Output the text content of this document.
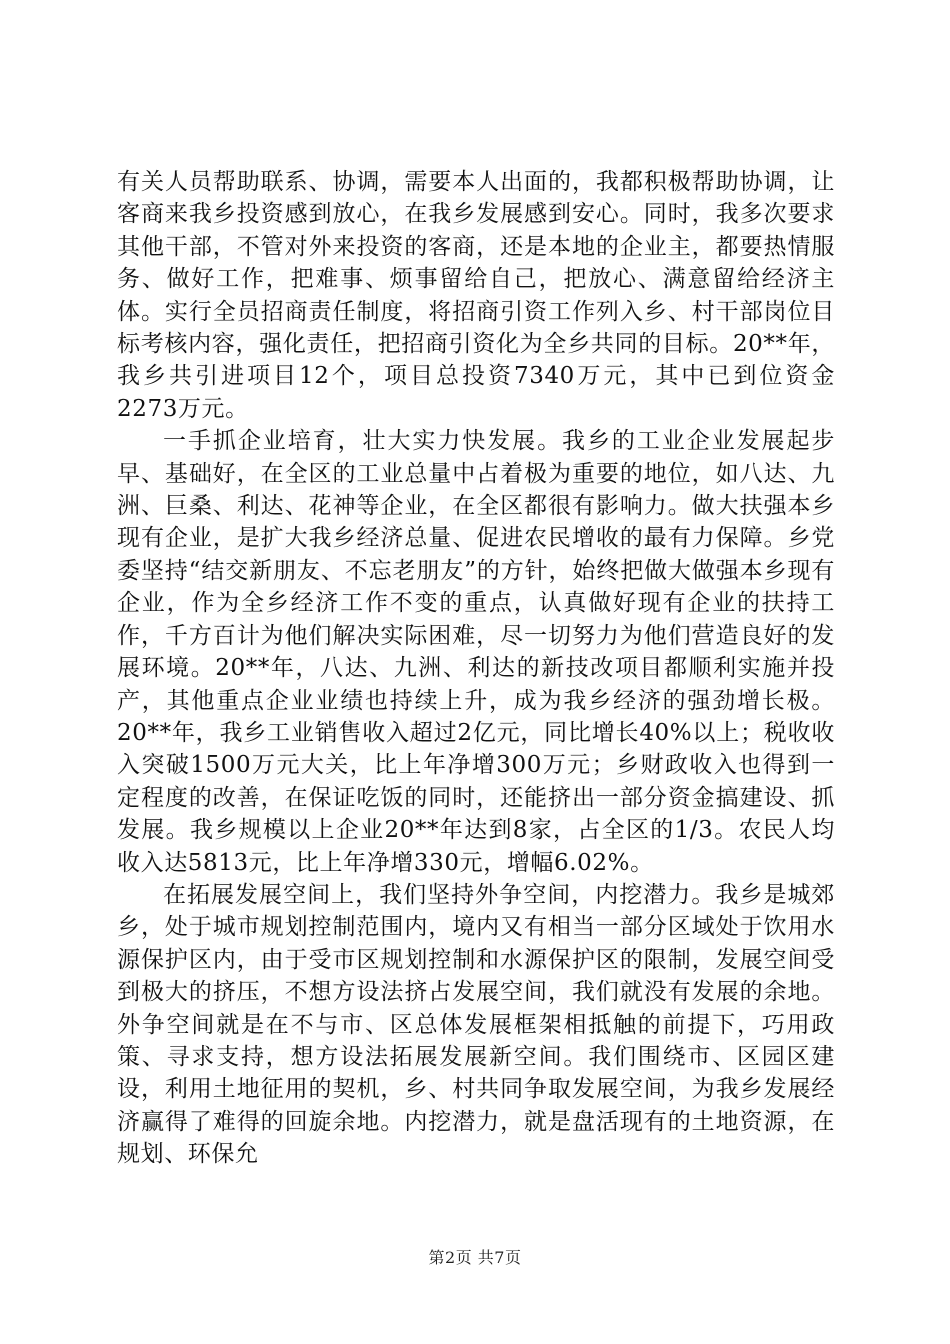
有关人员帮助联系、协调，需要本人出面的，我都积极帮助协调，让客商来我乡投资感到放心，在我乡发展感到安心。同时，我多次要求其他干部，不管对外来投资的客商，还是本地的企业主，都要热情服务、做好工作，把难事、烦事留给自己，把放心、满意留给经济主体。实行全员招商责任制度，将招商引资工作列入乡、村干部岗位目标考核内容，强化责任，把招商引资化为全乡共同的目标。20**年，我乡共引进项目12个，项目总投资7340万元，其中已到位资金2273万元。

一手抓企业培育，壮大实力快发展。我乡的工业企业发展起步早、基础好，在全区的工业总量中占着极为重要的地位，如八达、九洲、巨桑、利达、花神等企业，在全区都很有影响力。做大扶强本乡现有企业，是扩大我乡经济总量、促进农民增收的最有力保障。乡党委坚持“结交新朋友、不忘老朋友”的方针，始终把做大做强本乡现有企业，作为全乡经济工作不变的重点，认真做好现有企业的扶持工作，千方百计为他们解决实际困难，尽一切努力为他们营造良好的发展环境。20**年，八达、九洲、利达的新技改项目都顺利实施并投产，其他重点企业业绩也持续上升，成为我乡经济的强劲增长极。20**年，我乡工业销售收入超过2亿元，同比增长40%以上；税收收入突破1500万元大关，比上年净增300万元；乡财政收入也得到一定程度的改善，在保证吃饭的同时，还能挤出一部分资金搞建设、抓发展。我乡规模以上企业20**年达到8家，占全区的1/3。农民人均收入达5813元，比上年净增330元，增幅6.02%。

在拓展发展空间上，我们坚持外争空间，内挖潜力。我乡是城郊乡，处于城市规划控制范围内，境内又有相当一部分区域处于饮用水源保护区内，由于受市区规划控制和水源保护区的限制，发展空间受到极大的挤压，不想方设法挤占发展空间，我们就没有发展的余地。外争空间就是在不与市、区总体发展框架相抵触的前提下，巧用政策、寻求支持，想方设法拓展发展新空间。我们围绕市、区园区建设，利用土地征用的契机，乡、村共同争取发展空间，为我乡发展经济赢得了难得的回旋余地。内挖潜力，就是盘活现有的土地资源，在规划、环保允

第2页 共7页
